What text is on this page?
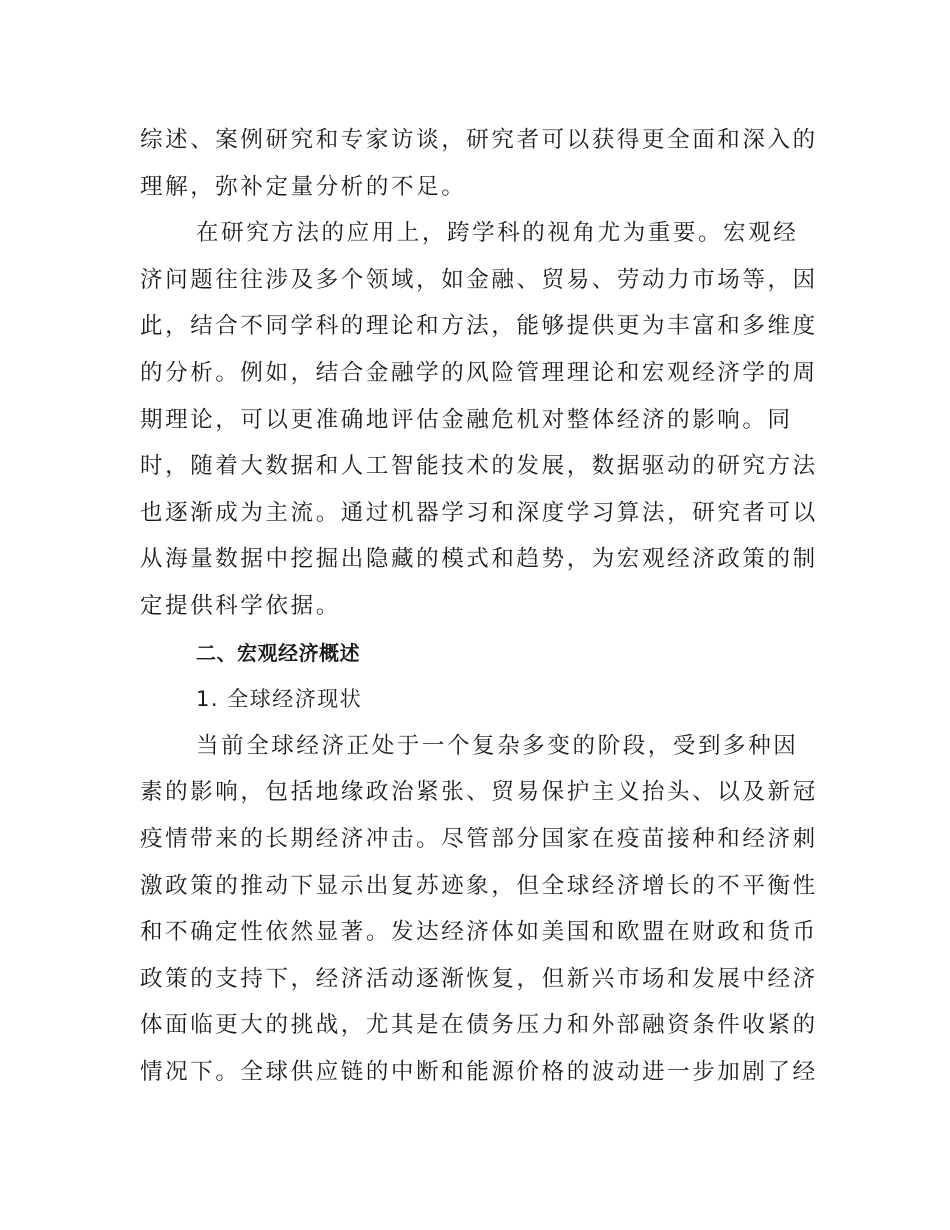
综述、案例研究和专家访谈，研究者可以获得更全面和深入的
理解，弥补定量分析的不足。
在研究方法的应用上，跨学科的视角尤为重要。宏观经
济问题往往涉及多个领域，如金融、贸易、劳动力市场等，因
此，结合不同学科的理论和方法，能够提供更为丰富和多维度
的分析。例如，结合金融学的风险管理理论和宏观经济学的周
期理论，可以更准确地评估金融危机对整体经济的影响。同
时，随着大数据和人工智能技术的发展，数据驱动的研究方法
也逐渐成为主流。通过机器学习和深度学习算法，研究者可以
从海量数据中挖掘出隐藏的模式和趋势，为宏观经济政策的制
定提供科学依据。
二、宏观经济概述
1. 全球经济现状
当前全球经济正处于一个复杂多变的阶段，受到多种因
素的影响，包括地缘政治紧张、贸易保护主义抬头、以及新冠
疫情带来的长期经济冲击。尽管部分国家在疫苗接种和经济刺
激政策的推动下显示出复苏迹象，但全球经济增长的不平衡性
和不确定性依然显著。发达经济体如美国和欧盟在财政和货币
政策的支持下，经济活动逐渐恢复，但新兴市场和发展中经济
体面临更大的挑战，尤其是在债务压力和外部融资条件收紧的
情况下。全球供应链的中断和能源价格的波动进一步加剧了经
